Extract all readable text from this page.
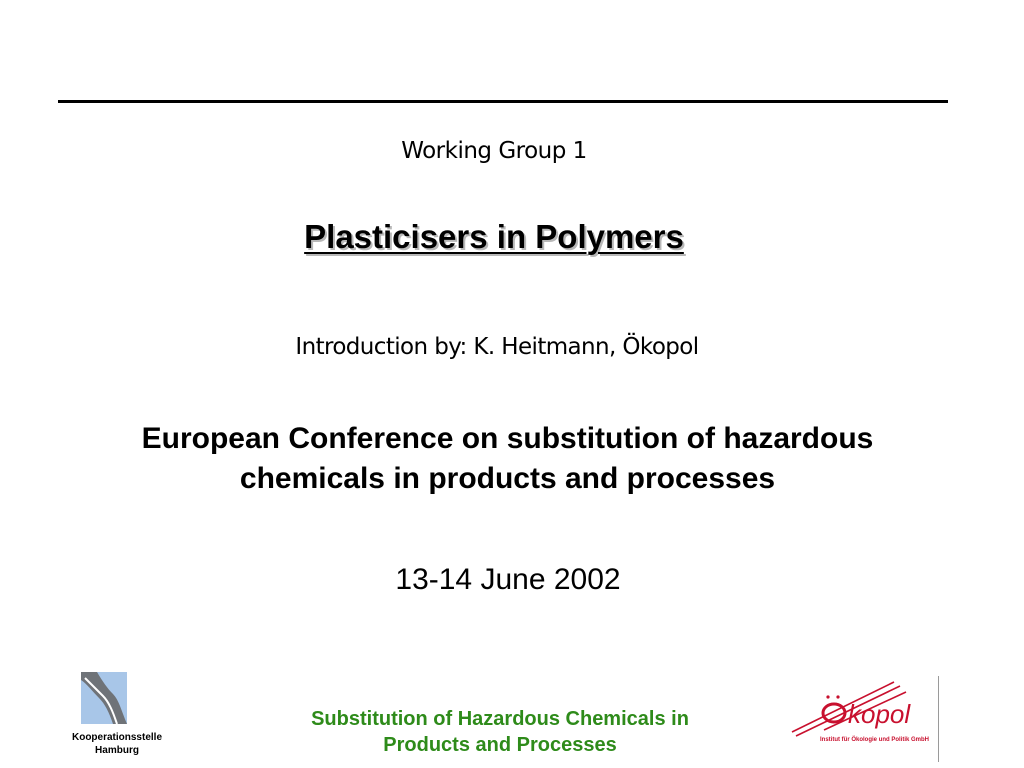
Working Group 1
Plasticisers in Polymers
Introduction by: K. Heitmann, Ökopol
European Conference on substitution of hazardous chemicals in products and processes
13-14 June 2002
Kooperationsstelle
Hamburg
Substitution of Hazardous Chemicals in
Products and Processes
kopol
Institut für Ökologie und Politik GmbH
